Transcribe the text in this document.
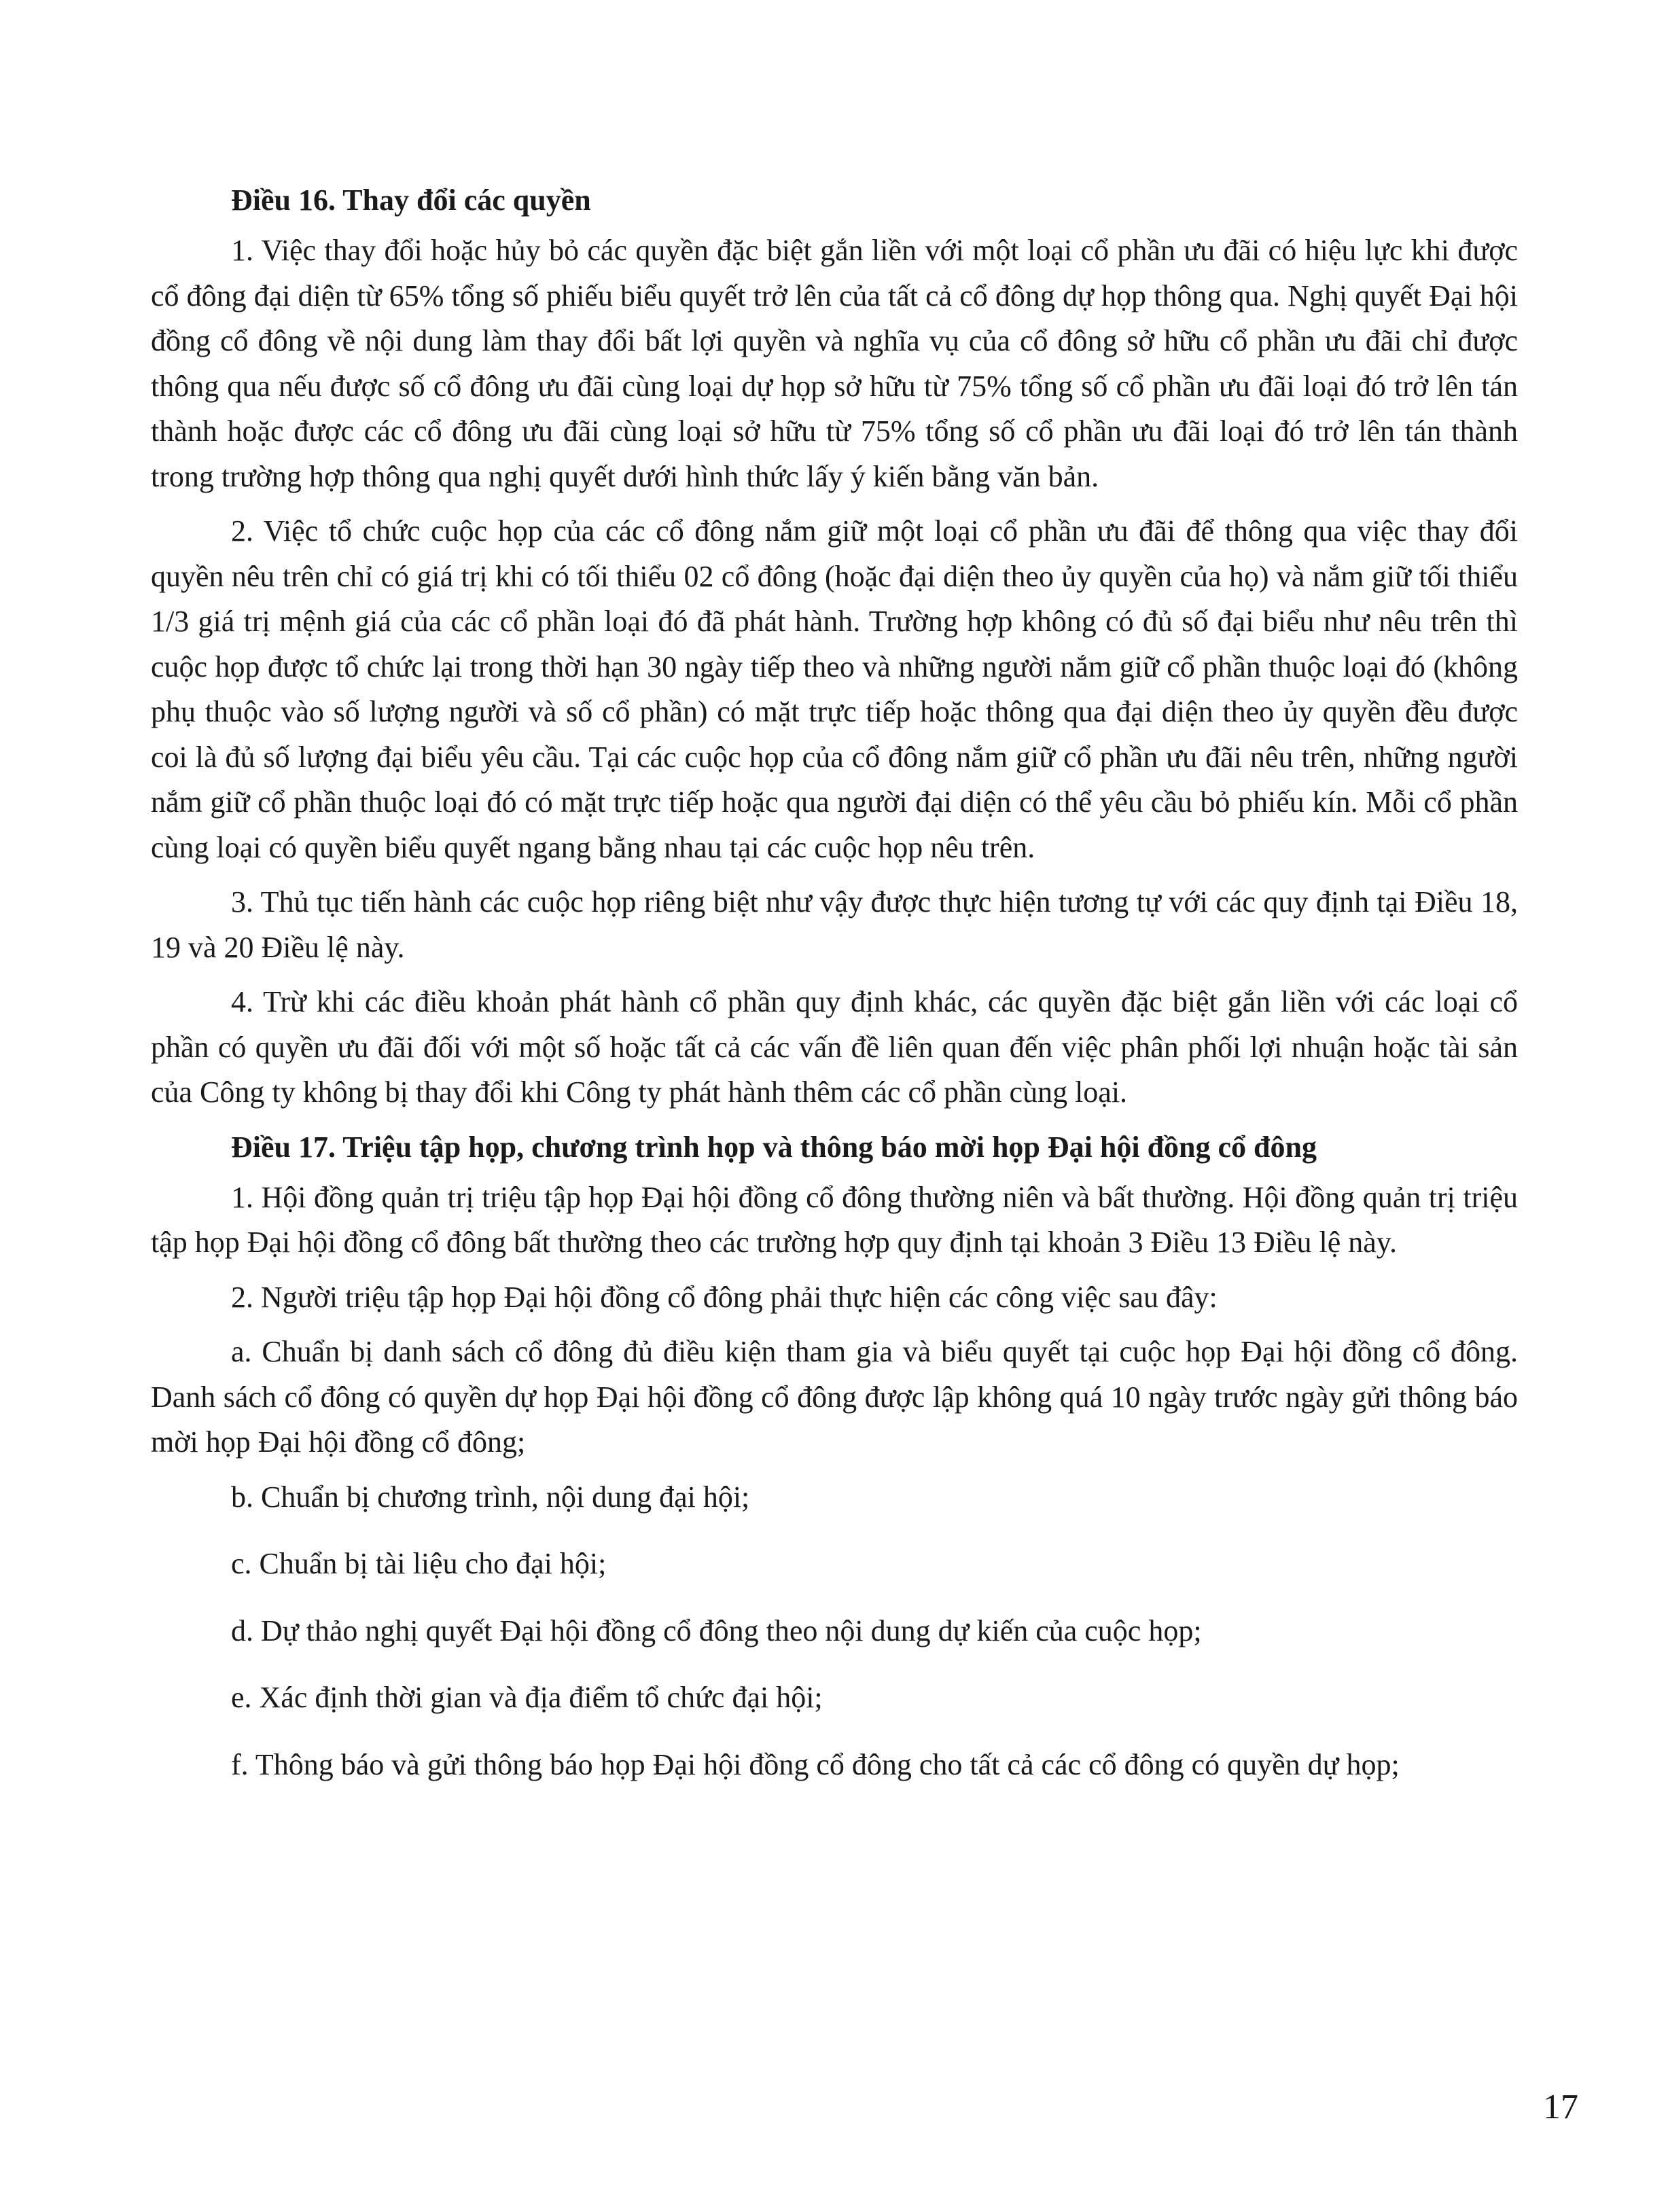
Điều 16. Thay đổi các quyền

1. Việc thay đổi hoặc hủy bỏ các quyền đặc biệt gắn liền với một loại cổ phần ưu đãi có hiệu lực khi được cổ đông đại diện từ 65% tổng số phiếu biểu quyết trở lên của tất cả cổ đông dự họp thông qua. Nghị quyết Đại hội đồng cổ đông về nội dung làm thay đổi bất lợi quyền và nghĩa vụ của cổ đông sở hữu cổ phần ưu đãi chỉ được thông qua nếu được số cổ đông ưu đãi cùng loại dự họp sở hữu từ 75% tổng số cổ phần ưu đãi loại đó trở lên tán thành hoặc được các cổ đông ưu đãi cùng loại sở hữu từ 75% tổng số cổ phần ưu đãi loại đó trở lên tán thành trong trường hợp thông qua nghị quyết dưới hình thức lấy ý kiến bằng văn bản.

2. Việc tổ chức cuộc họp của các cổ đông nắm giữ một loại cổ phần ưu đãi để thông qua việc thay đổi quyền nêu trên chỉ có giá trị khi có tối thiểu 02 cổ đông (hoặc đại diện theo ủy quyền của họ) và nắm giữ tối thiểu 1/3 giá trị mệnh giá của các cổ phần loại đó đã phát hành. Trường hợp không có đủ số đại biểu như nêu trên thì cuộc họp được tổ chức lại trong thời hạn 30 ngày tiếp theo và những người nắm giữ cổ phần thuộc loại đó (không phụ thuộc vào số lượng người và số cổ phần) có mặt trực tiếp hoặc thông qua đại diện theo ủy quyền đều được coi là đủ số lượng đại biểu yêu cầu. Tại các cuộc họp của cổ đông nắm giữ cổ phần ưu đãi nêu trên, những người nắm giữ cổ phần thuộc loại đó có mặt trực tiếp hoặc qua người đại diện có thể yêu cầu bỏ phiếu kín. Mỗi cổ phần cùng loại có quyền biểu quyết ngang bằng nhau tại các cuộc họp nêu trên.

3. Thủ tục tiến hành các cuộc họp riêng biệt như vậy được thực hiện tương tự với các quy định tại Điều 18, 19 và 20 Điều lệ này.

4. Trừ khi các điều khoản phát hành cổ phần quy định khác, các quyền đặc biệt gắn liền với các loại cổ phần có quyền ưu đãi đối với một số hoặc tất cả các vấn đề liên quan đến việc phân phối lợi nhuận hoặc tài sản của Công ty không bị thay đổi khi Công ty phát hành thêm các cổ phần cùng loại.

Điều 17. Triệu tập họp, chương trình họp và thông báo mời họp Đại hội đồng cổ đông

1. Hội đồng quản trị triệu tập họp Đại hội đồng cổ đông thường niên và bất thường. Hội đồng quản trị triệu tập họp Đại hội đồng cổ đông bất thường theo các trường hợp quy định tại khoản 3 Điều 13 Điều lệ này.

2. Người triệu tập họp Đại hội đồng cổ đông phải thực hiện các công việc sau đây:

a. Chuẩn bị danh sách cổ đông đủ điều kiện tham gia và biểu quyết tại cuộc họp Đại hội đồng cổ đông. Danh sách cổ đông có quyền dự họp Đại hội đồng cổ đông được lập không quá 10 ngày trước ngày gửi thông báo mời họp Đại hội đồng cổ đông;

b. Chuẩn bị chương trình, nội dung đại hội;

c. Chuẩn bị tài liệu cho đại hội;

d. Dự thảo nghị quyết Đại hội đồng cổ đông theo nội dung dự kiến của cuộc họp;

e. Xác định thời gian và địa điểm tổ chức đại hội;

f. Thông báo và gửi thông báo họp Đại hội đồng cổ đông cho tất cả các cổ đông có quyền dự họp;

17
